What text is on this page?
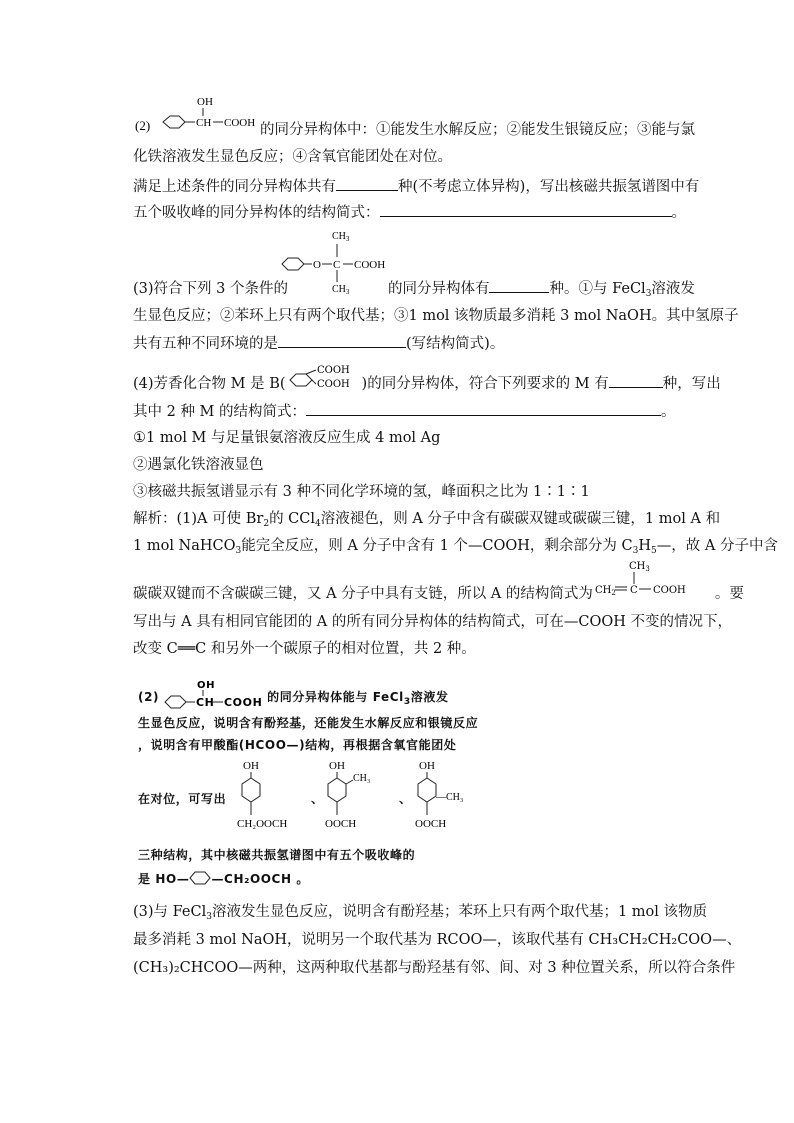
(2)	CH
OH
COOH 的同分异构体中：①能发生水解反应；②能发生银镜反应；③能与氯
化铁溶液发生显色反应；④含氧官能团处在对位。
满足上述条件的同分异构体共有	种(不考虑立体异构)，写出核磁共振氢谱图中有
五个吸收峰的同分异构体的结构简式：	。
O C
$CH_3$
$CH_3$
COOH
(3)符合下列 3 个条件的	的同分异构体有	种。①与 FeCl$_3$溶液发
生显色反应；②苯环上只有两个取代基；③1 mol 该物质最多消耗 3 mol NaOH。其中氢原子
共有五种不同环境的是	(写结构简式)。
(4)芳香化合物 M 是 B(
COOH
COOH )的同分异构体，符合下列要求的 M 有	种，写出
其中 2 种 M 的结构简式：	。
①1 mol M 与足量银氨溶液反应生成 4 mol Ag
②遇氯化铁溶液显色
③核磁共振氢谱显示有 3 种不同化学环境的氢，峰面积之比为 1∶1∶1
解析：(1)A 可使 $Br_2$的 CCl$_4$溶液褪色，则 A 分子中含有碳碳双键或碳碳三键，1 mol A 和
1 mol NaHCO$_3$能完全反应，则 A 分子中含有 1 个—COOH，剩余部分为 $C_3H_5—$，故 A 分子中含
碳碳双键而不含碳碳三键，又 A 分子中具有支链，所以 A 的结构简式为
$CH_3$
$CH_2$ C COOH 。要
写出与 A 具有相同官能团的 A 的所有同分异构体的结构简式，可在—COOH 不变的情况下，
改变 C══C 和另外一个碳原子的相对位置，共 2 种。
(2)	CH
OH
COOH 的同分异构体能与 FeCl$_3$溶液发
生显色反应，说明含有酚羟基，还能发生水解反应和银镜反应
，说明含有甲酸酯(HCOO—)结构，再根据含氧官能团处
在对位，可写出
OH
CH₂OOCH
、
OH
CH₃
OOCH
、
OH
—CH₃
OOCH
三种结构，其中核磁共振氢谱图中有五个吸收峰的
是 HO— —CH₂OOCH 。
(3)与 FeCl$_3$溶液发生显色反应，说明含有酚羟基；苯环上只有两个取代基；1 mol 该物质
最多消耗 3 mol NaOH，说明另一个取代基为 RCOO—，该取代基有 CH₃CH₂CH₂COO—、
(CH₃)₂CHCOO—两种，这两种取代基都与酚羟基有邻、间、对 3 种位置关系，所以符合条件
